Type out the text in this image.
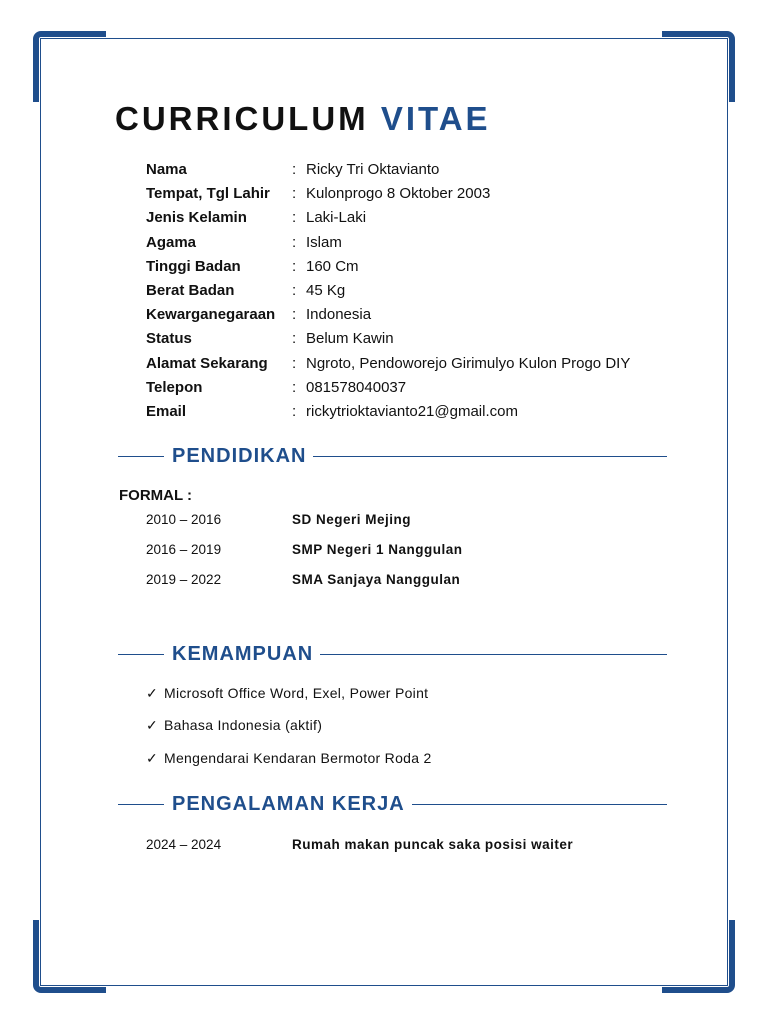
CURRICULUM VITAE
Nama	: Ricky Tri Oktavianto
Tempat, Tgl Lahir	: Kulonprogo 8 Oktober 2003
Jenis Kelamin	: Laki-Laki
Agama	: Islam
Tinggi Badan	: 160 Cm
Berat Badan	: 45 Kg
Kewarganegaraan	: Indonesia
Status	: Belum Kawin
Alamat Sekarang	: Ngroto, Pendoworejo Girimulyo Kulon Progo DIY
Telepon	: 081578040037
Email	: rickytrioktavianto21@gmail.com
PENDIDIKAN
FORMAL :
2010 – 2016	SD Negeri Mejing
2016 – 2019	SMP Negeri 1 Nanggulan
2019 – 2022	SMA Sanjaya Nanggulan
KEMAMPUAN
✓ Microsoft Office Word, Exel, Power Point
✓ Bahasa Indonesia (aktif)
✓ Mengendarai Kendaran Bermotor Roda 2
PENGALAMAN KERJA
2024 – 2024	Rumah makan puncak saka posisi waiter
